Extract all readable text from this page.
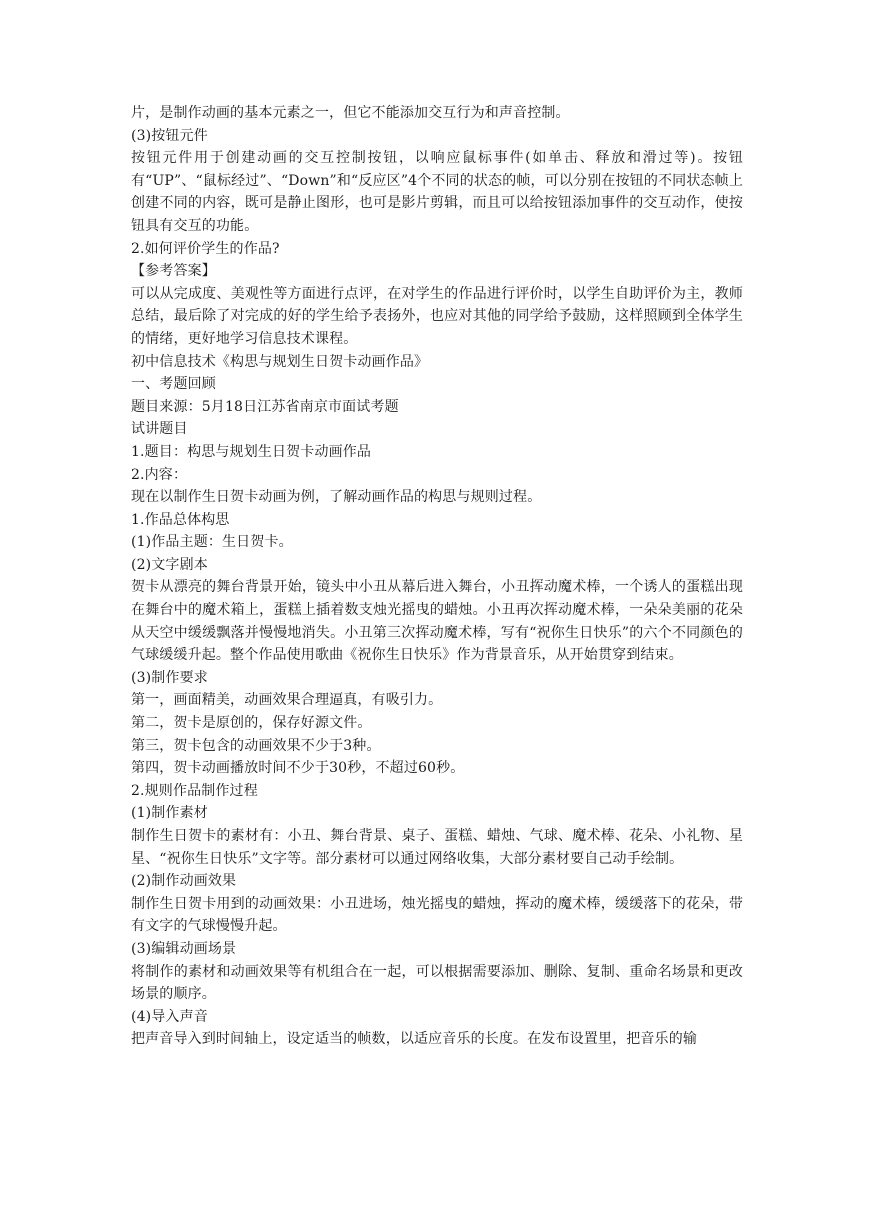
片，是制作动画的基本元素之一，但它不能添加交互行为和声音控制。

(3)按钮元件

按钮元件用于创建动画的交互控制按钮，以响应鼠标事件(如单击、释放和滑过等)。按钮有“UP”、“鼠标经过”、“Down”和“反应区”4个不同的状态的帧，可以分别在按钮的不同状态帧上创建不同的内容，既可是静止图形，也可是影片剪辑，而且可以给按钮添加事件的交互动作，使按钮具有交互的功能。

2.如何评价学生的作品?

【参考答案】

可以从完成度、美观性等方面进行点评，在对学生的作品进行评价时，以学生自助评价为主，教师总结，最后除了对完成的好的学生给予表扬外，也应对其他的同学给予鼓励，这样照顾到全体学生的情绪，更好地学习信息技术课程。

初中信息技术《构思与规划生日贺卡动画作品》

一、考题回顾

题目来源：5月18日江苏省南京市面试考题

试讲题目

1.题目：构思与规划生日贺卡动画作品

2.内容：

现在以制作生日贺卡动画为例，了解动画作品的构思与规则过程。

1.作品总体构思

(1)作品主题：生日贺卡。

(2)文字剧本

贺卡从漂亮的舞台背景开始，镜头中小丑从幕后进入舞台，小丑挥动魔术棒，一个诱人的蛋糕出现在舞台中的魔术箱上，蛋糕上插着数支烛光摇曳的蜡烛。小丑再次挥动魔术棒，一朵朵美丽的花朵从天空中缓缓飘落并慢慢地消失。小丑第三次挥动魔术棒，写有“祝你生日快乐”的六个不同颜色的气球缓缓升起。整个作品使用歌曲《祝你生日快乐》作为背景音乐，从开始贯穿到结束。

(3)制作要求

第一，画面精美，动画效果合理逼真，有吸引力。

第二，贺卡是原创的，保存好源文件。

第三，贺卡包含的动画效果不少于3种。

第四，贺卡动画播放时间不少于30秒，不超过60秒。

2.规则作品制作过程

(1)制作素材

制作生日贺卡的素材有：小丑、舞台背景、桌子、蛋糕、蜡烛、气球、魔术棒、花朵、小礼物、星星、“祝你生日快乐”文字等。部分素材可以通过网络收集，大部分素材要自己动手绘制。

(2)制作动画效果

制作生日贺卡用到的动画效果：小丑进场，烛光摇曳的蜡烛，挥动的魔术棒，缓缓落下的花朵，带有文字的气球慢慢升起。

(3)编辑动画场景

将制作的素材和动画效果等有机组合在一起，可以根据需要添加、删除、复制、重命名场景和更改场景的顺序。

(4)导入声音

把声音导入到时间轴上，设定适当的帧数，以适应音乐的长度。在发布设置里，把音乐的输
